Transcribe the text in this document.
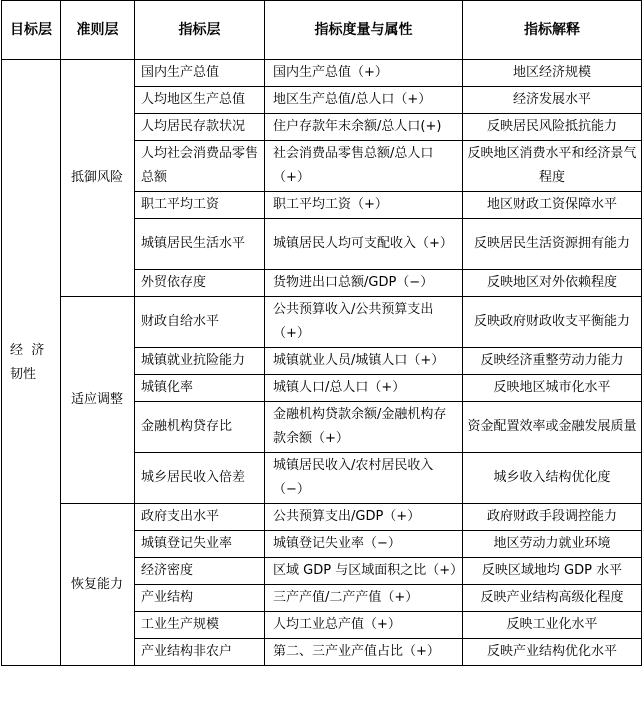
目标层	准则层	指标层	指标度量与属性	指标解释

经  济
韧性	抵御风险	国内生产总值	国内生产总值（+）	地区经济规模
		人均地区生产总值	地区生产总值/总人口（+）	经济发展水平
		人均居民存款状况	住户存款年末余额/总人口(+)	反映居民风险抵抗能力
		人均社会消费品零售总额	社会消费品零售总额/总人口（+）	反映地区消费水平和经济景气程度
		职工平均工资	职工平均工资（+）	地区财政工资保障水平
		城镇居民生活水平	城镇居民人均可支配收入（+）	反映居民生活资源拥有能力
		外贸依存度	货物进出口总额/GDP（−）	反映地区对外依赖程度
	适应调整	财政自给水平	公共预算收入/公共预算支出（+）	反映政府财政收支平衡能力
		城镇就业抗险能力	城镇就业人员/城镇人口（+）	反映经济重整劳动力能力
		城镇化率	城镇人口/总人口（+）	反映地区城市化水平
		金融机构贷存比	金融机构贷款余额/金融机构存款余额（+）	资金配置效率或金融发展质量
		城乡居民收入倍差	城镇居民收入/农村居民收入（−）	城乡收入结构优化度
	恢复能力	政府支出水平	公共预算支出/GDP（+）	政府财政手段调控能力
		城镇登记失业率	城镇登记失业率（−）	地区劳动力就业环境
		经济密度	区域 GDP 与区域面积之比（+）	反映区域地均 GDP 水平
		产业结构	三产产值/二产产值（+）	反映产业结构高级化程度
		工业生产规模	人均工业总产值（+）	反映工业化水平
		产业结构非农户	第二、三产业产值占比（+）	反映产业结构优化水平
